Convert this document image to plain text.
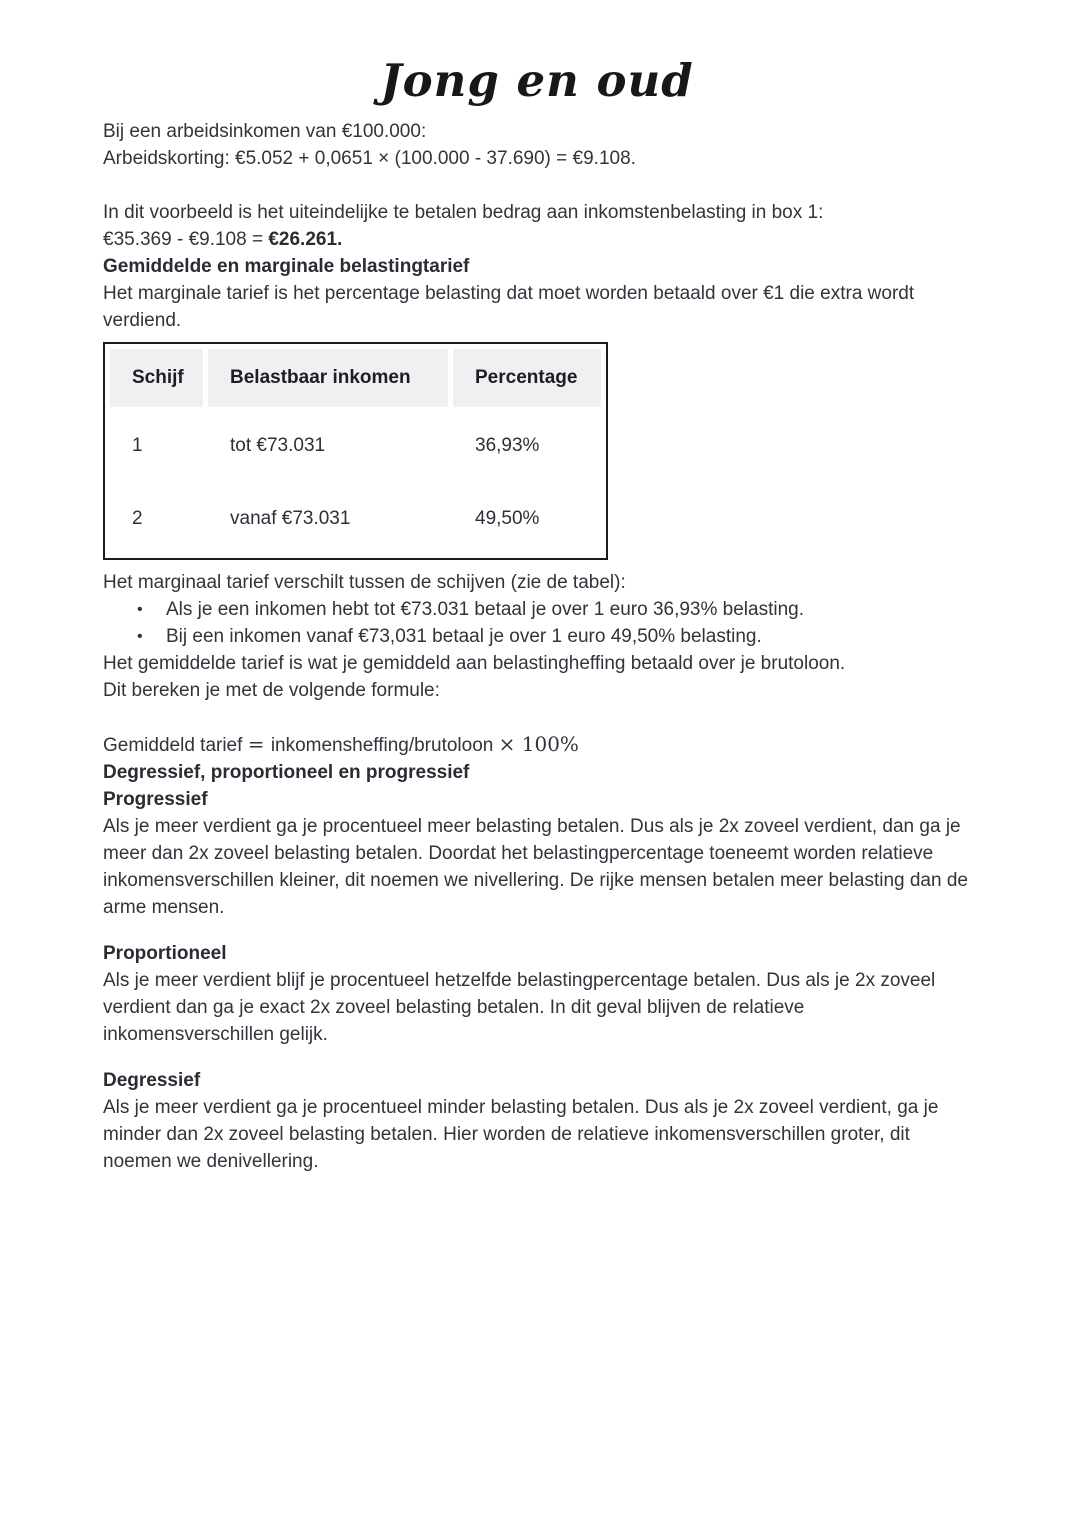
Jong en oud

Bij een arbeidsinkomen van €100.000:

Arbeidskorting: €5.052 + 0,0651 × (100.000 - 37.690) = €9.108.

In dit voorbeeld is het uiteindelijke te betalen bedrag aan inkomstenbelasting in box 1:

€35.369 - €9.108 = €26.261.

Gemiddelde en marginale belastingtarief

Het marginale tarief is het percentage belasting dat moet worden betaald over €1 die extra wordt verdiend.

Schijf	Belastbaar inkomen	Percentage
1	tot €73.031	36,93%
2	vanaf €73.031	49,50%

Het marginaal tarief verschilt tussen de schijven (zie de tabel):

•	Als je een inkomen hebt tot €73.031 betaal je over 1 euro 36,93% belasting.
•	Bij een inkomen vanaf €73,031 betaal je over 1 euro 49,50% belasting.

Het gemiddelde tarief is wat je gemiddeld aan belastingheffing betaald over je brutoloon.

Dit bereken je met de volgende formule:

Gemiddeld tarief = inkomensheffing/brutoloon × 100%

Degressief, proportioneel en progressief

Progressief

Als je meer verdient ga je procentueel meer belasting betalen. Dus als je 2x zoveel verdient, dan ga je meer dan 2x zoveel belasting betalen. Doordat het belastingpercentage toeneemt worden relatieve inkomensverschillen kleiner, dit noemen we nivellering. De rijke mensen betalen meer belasting dan de arme mensen.

Proportioneel

Als je meer verdient blijf je procentueel hetzelfde belastingpercentage betalen. Dus als je 2x zoveel verdient dan ga je exact 2x zoveel belasting betalen. In dit geval blijven de relatieve inkomensverschillen gelijk.

Degressief

Als je meer verdient ga je procentueel minder belasting betalen. Dus als je 2x zoveel verdient, ga je minder dan 2x zoveel belasting betalen. Hier worden de relatieve inkomensverschillen groter, dit noemen we denivellering.
